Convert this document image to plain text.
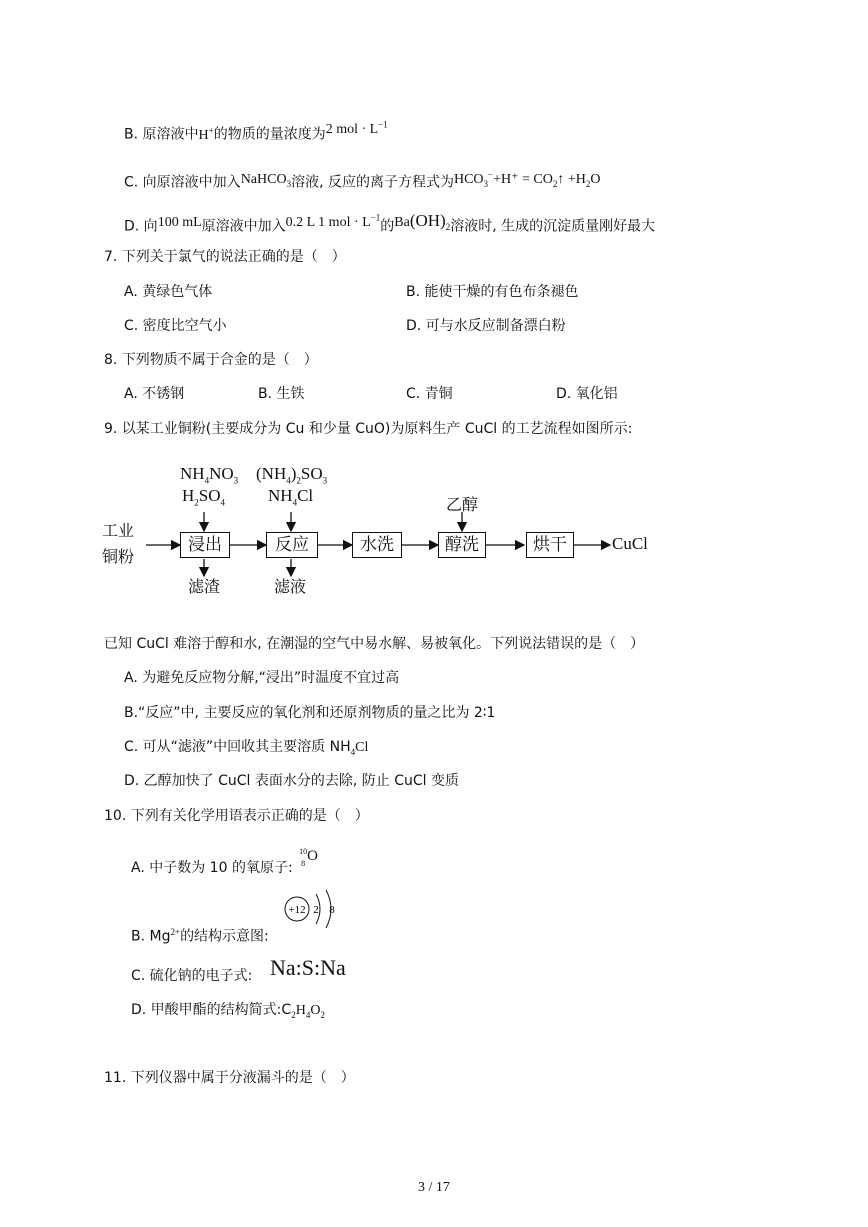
B. 原溶液中H+的物质的量浓度为2 mol · $L^{-1}$
C. 向原溶液中加入NaHCO$_3$溶液, 反应的离子方程式为$HCO_3^-+H^+$ = $CO_2↑ +H_2O$
D. 向100 mL原溶液中加入0.2 L 1 mol · $L^{-1}$的$Ba(OH)_2$溶液时, 生成的沉淀质量刚好最大
7. 下列关于氯气的说法正确的是（　）
A. 黄绿色气体	B. 能使干燥的有色布条褪色
C. 密度比空气小	D. 可与水反应制备漂白粉
8. 下列物质不属于合金的是（　）
A. 不锈钢	B. 生铁	C. 青铜	D. 氧化铝
9. 以某工业铜粉(主要成分为 Cu 和少量 CuO)为原料生产 CuCl 的工艺流程如图所示:
工业
铜粉
浸出	反应	水洗	醇洗	烘干	CuCl
$NH_4NO_3$
$H_2SO_4$
$(NH_4)_2SO_3$
$NH_4Cl$	乙醇
滤渣	滤液
已知 CuCl 难溶于醇和水, 在潮湿的空气中易水解、易被氧化。下列说法错误的是（　）
A. 为避免反应物分解,“浸出”时温度不宜过高
B.“反应”中, 主要反应的氧化剂和还原剂物质的量之比为 2∶1
C. 可从“滤液”中回收其主要溶质 $NH_4Cl$
D. 乙醇加快了 CuCl 表面水分的去除, 防止 CuCl 变质
10. 下列有关化学用语表示正确的是（　）
A. 中子数为 10 的氧原子:
10
8 O
B. $Mg^{2+}$的结构示意图:
+12 2 8
C. 硫化钠的电子式: Na:S:Na
D. 甲酸甲酯的结构简式$:C_2H_4O_2$
11. 下列仪器中属于分液漏斗的是（　）
3 / 17
